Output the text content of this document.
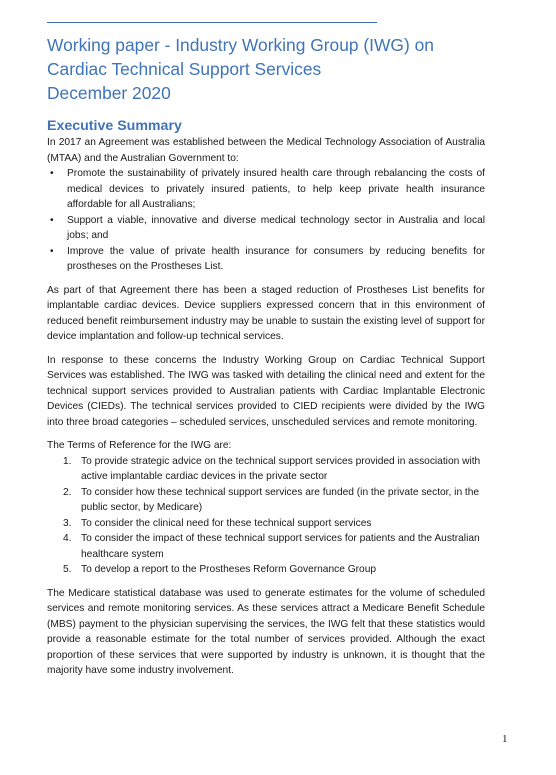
Working paper - Industry Working Group (IWG) on
Cardiac Technical Support Services
December 2020
Executive Summary

In 2017 an Agreement was established between the Medical Technology Association of Australia (MTAA) and the Australian Government to:

• Promote the sustainability of privately insured health care through rebalancing the costs of medical devices to privately insured patients, to help keep private health insurance affordable for all Australians;
• Support a viable, innovative and diverse medical technology sector in Australia and local jobs; and
• Improve the value of private health insurance for consumers by reducing benefits for prostheses on the Prostheses List.

As part of that Agreement there has been a staged reduction of Prostheses List benefits for implantable cardiac devices. Device suppliers expressed concern that in this environment of reduced benefit reimbursement industry may be unable to sustain the existing level of support for device implantation and follow-up technical services.

In response to these concerns the Industry Working Group on Cardiac Technical Support Services was established. The IWG was tasked with detailing the clinical need and extent for the technical support services provided to Australian patients with Cardiac Implantable Electronic Devices (CIEDs). The technical services provided to CIED recipients were divided by the IWG into three broad categories – scheduled services, unscheduled services and remote monitoring.

The Terms of Reference for the IWG are:

1. To provide strategic advice on the technical support services provided in association with active implantable cardiac devices in the private sector
2. To consider how these technical support services are funded (in the private sector, in the public sector, by Medicare)
3. To consider the clinical need for these technical support services
4. To consider the impact of these technical support services for patients and the Australian healthcare system
5. To develop a report to the Prostheses Reform Governance Group

The Medicare statistical database was used to generate estimates for the volume of scheduled services and remote monitoring services. As these services attract a Medicare Benefit Schedule (MBS) payment to the physician supervising the services, the IWG felt that these statistics would provide a reasonable estimate for the total number of services provided. Although the exact proportion of these services that were supported by industry is unknown, it is thought that the majority have some industry involvement.

1
